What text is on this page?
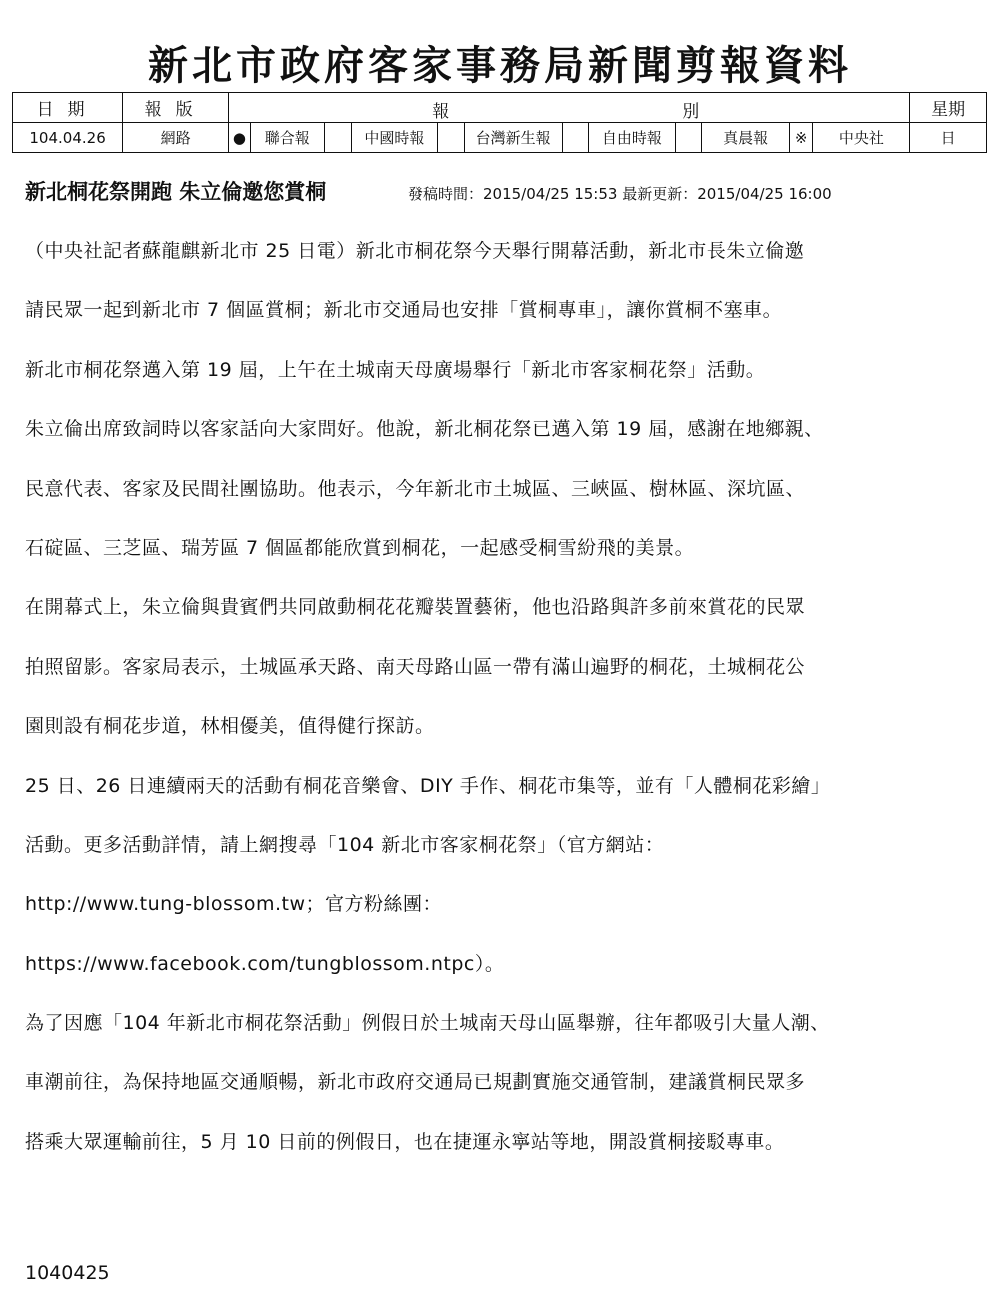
新北市政府客家事務局新聞剪報資料
日期	報版	報 別												星期
104.04.26	網路	●	聯合報		中國時報		台灣新生報		自由時報		真晨報	※	中央社	日
新北桐花祭開跑 朱立倫邀您賞桐	發稿時間：2015/04/25 15:53 最新更新：2015/04/25 16:00
（中央社記者蘇龍麒新北市 25 日電）新北市桐花祭今天舉行開幕活動，新北市長朱立倫邀
請民眾一起到新北市 7 個區賞桐；新北市交通局也安排「賞桐專車」，讓你賞桐不塞車。
新北市桐花祭邁入第 19 屆，上午在土城南天母廣場舉行「新北市客家桐花祭」活動。
朱立倫出席致詞時以客家話向大家問好。他說，新北桐花祭已邁入第 19 屆，感謝在地鄉親、
民意代表、客家及民間社團協助。他表示，今年新北市土城區、三峽區、樹林區、深坑區、
石碇區、三芝區、瑞芳區 7 個區都能欣賞到桐花，一起感受桐雪紛飛的美景。
在開幕式上，朱立倫與貴賓們共同啟動桐花花瓣裝置藝術，他也沿路與許多前來賞花的民眾
拍照留影。客家局表示，土城區承天路、南天母路山區一帶有滿山遍野的桐花，土城桐花公
園則設有桐花步道，林相優美，值得健行探訪。
25 日、26 日連續兩天的活動有桐花音樂會、DIY 手作、桐花市集等，並有「人體桐花彩繪」
活動。更多活動詳情，請上網搜尋「104 新北市客家桐花祭」（官方網站：
http://www.tung-blossom.tw；官方粉絲團：
https://www.facebook.com/tungblossom.ntpc）。
為了因應「104 年新北市桐花祭活動」例假日於土城南天母山區舉辦，往年都吸引大量人潮、
車潮前往，為保持地區交通順暢，新北市政府交通局已規劃實施交通管制，建議賞桐民眾多
搭乘大眾運輸前往，5 月 10 日前的例假日，也在捷運永寧站等地，開設賞桐接駁專車。
1040425
